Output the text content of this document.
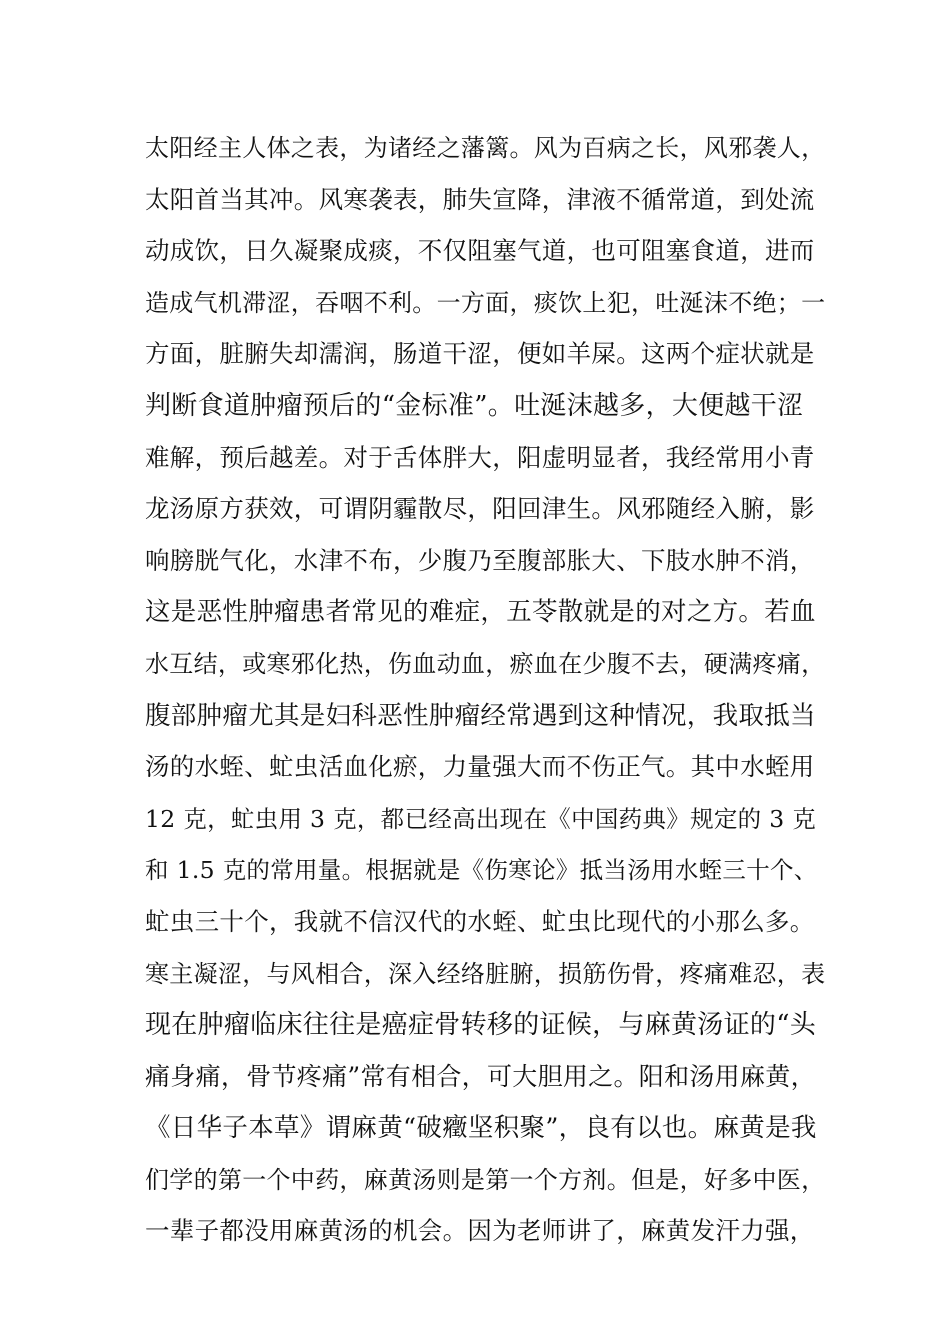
太阳经主人体之表，为诸经之藩篱。风为百病之长，风邪袭人，
太阳首当其冲。风寒袭表，肺失宣降，津液不循常道，到处流
动成饮，日久凝聚成痰，不仅阻塞气道，也可阻塞食道，进而
造成气机滞涩，吞咽不利。一方面，痰饮上犯，吐涎沫不绝；一
方面，脏腑失却濡润，肠道干涩，便如羊屎。这两个症状就是
判断食道肿瘤预后的“金标准”。吐涎沫越多，大便越干涩
难解，预后越差。对于舌体胖大，阳虚明显者，我经常用小青
龙汤原方获效，可谓阴霾散尽，阳回津生。风邪随经入腑，影
响膀胱气化，水津不布，少腹乃至腹部胀大、下肢水肿不消，
这是恶性肿瘤患者常见的难症，五苓散就是的对之方。若血
水互结，或寒邪化热，伤血动血，瘀血在少腹不去，硬满疼痛，
腹部肿瘤尤其是妇科恶性肿瘤经常遇到这种情况，我取抵当
汤的水蛭、虻虫活血化瘀，力量强大而不伤正气。其中水蛭用
12 克，虻虫用 3 克，都已经高出现在《中国药典》规定的 3 克
和 1.5 克的常用量。根据就是《伤寒论》抵当汤用水蛭三十个、
虻虫三十个，我就不信汉代的水蛭、虻虫比现代的小那么多。
寒主凝涩，与风相合，深入经络脏腑，损筋伤骨，疼痛难忍，表
现在肿瘤临床往往是癌症骨转移的证候，与麻黄汤证的“头
痛身痛，骨节疼痛”常有相合，可大胆用之。阳和汤用麻黄，
《日华子本草》谓麻黄“破癥坚积聚”，良有以也。麻黄是我
们学的第一个中药，麻黄汤则是第一个方剂。但是，好多中医，
一辈子都没用麻黄汤的机会。因为老师讲了，麻黄发汗力强，
